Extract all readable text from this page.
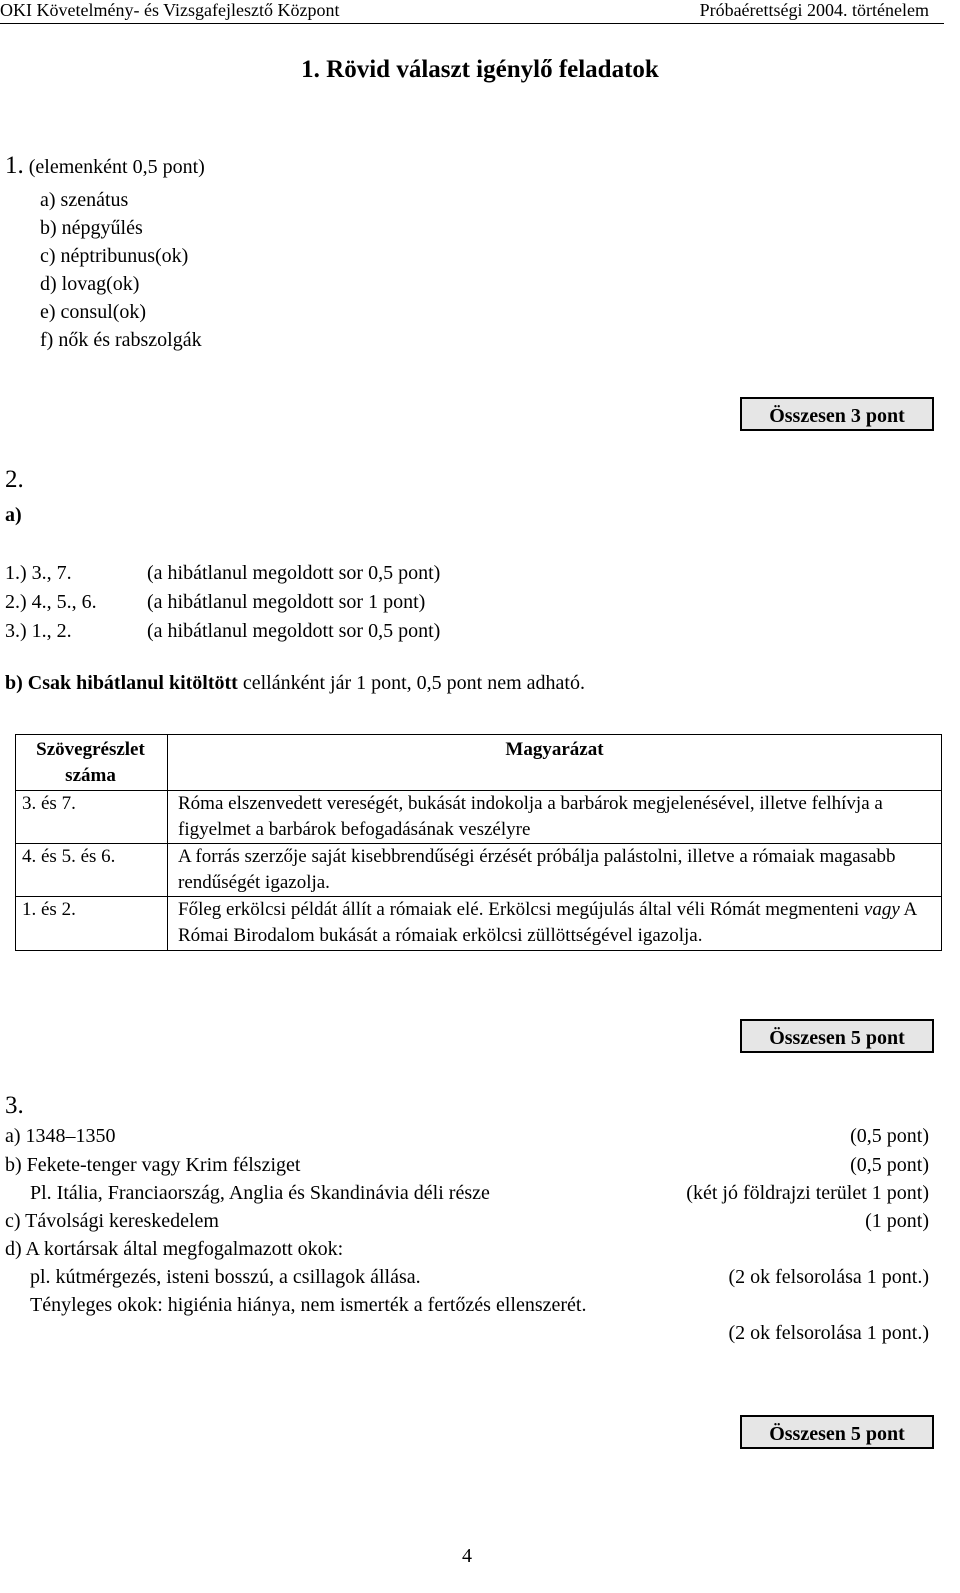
OKI Követelmény- és Vizsgafejlesztő Központ	Próbaérettségi 2004. történelem
1. Rövid választ igénylő feladatok
1. (elemenként 0,5 pont)
a) szenátus
b) népgyűlés
c) néptribunus(ok)
d) lovag(ok)
e) consul(ok)
f) nők és rabszolgák
Összesen 3 pont
2.
a)
1.) 3., 7.	(a hibátlanul megoldott sor 0,5 pont)
2.) 4., 5., 6.	(a hibátlanul megoldott sor 1 pont)
3.) 1., 2.	(a hibátlanul megoldott sor 0,5 pont)
b) Csak hibátlanul kitöltött cellánként jár 1 pont, 0,5 pont nem adható.
Szövegrészlet száma	Magyarázat
3. és 7.	Róma elszenvedett vereségét, bukását indokolja a barbárok megjelenésével, illetve felhívja a figyelmet a barbárok befogadásának veszélyre
4. és 5. és 6.	A forrás szerzője saját kisebbrendűségi érzését próbálja palástolni, illetve a rómaiak magasabb rendűségét igazolja.
1. és 2.	Főleg erkölcsi példát állít a rómaiak elé. Erkölcsi megújulás által véli Rómát megmenteni vagy A Római Birodalom bukását a rómaiak erkölcsi züllöttségével igazolja.
Összesen 5 pont
3.
a) 1348–1350	(0,5 pont)
b) Fekete-tenger vagy Krim félsziget	(0,5 pont)
Pl. Itália, Franciaország, Anglia és Skandinávia déli része	(két jó földrajzi terület 1 pont)
c) Távolsági kereskedelem	(1 pont)
d) A kortársak által megfogalmazott okok:
pl. kútmérgezés, isteni bosszú, a csillagok állása.	(2 ok felsorolása 1 pont.)
Tényleges okok: higiénia hiánya, nem ismerték a fertőzés ellenszerét.
(2 ok felsorolása 1 pont.)
Összesen 5 pont
4
